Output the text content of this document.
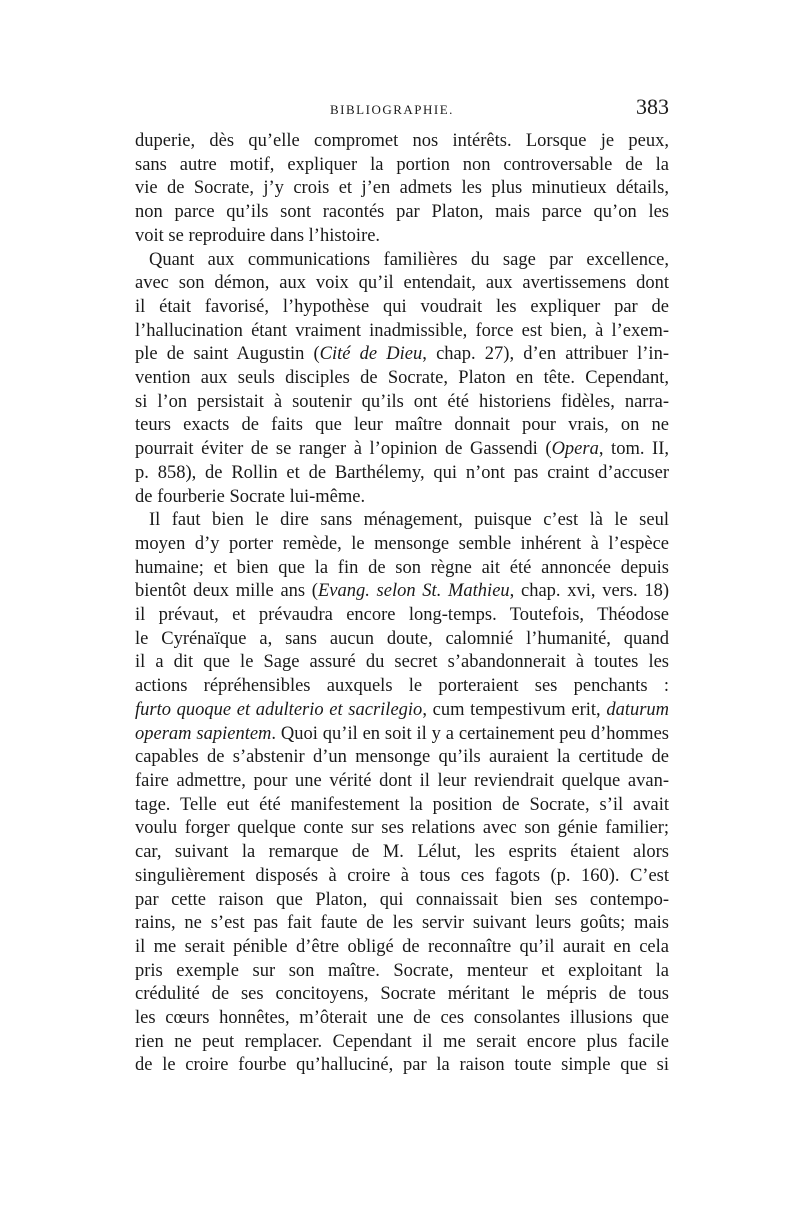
BIBLIOGRAPHIE.	383

duperie, dès qu’elle compromet nos intérêts. Lorsque je peux,
sans autre motif, expliquer la portion non controversable de la
vie de Socrate, j’y crois et j’en admets les plus minutieux détails,
non parce qu’ils sont racontés par Platon, mais parce qu’on les
voit se reproduire dans l’histoire.

Quant aux communications familières du sage par excellence,
avec son démon, aux voix qu’il entendait, aux avertissemens dont
il était favorisé, l’hypothèse qui voudrait les expliquer par de
l’hallucination étant vraiment inadmissible, force est bien, à l’exem-
ple de saint Augustin (Cité de Dieu, chap. 27), d’en attribuer l’in-
vention aux seuls disciples de Socrate, Platon en tête. Cependant,
si l’on persistait à soutenir qu’ils ont été historiens fidèles, narra-
teurs exacts de faits que leur maître donnait pour vrais, on ne
pourrait éviter de se ranger à l’opinion de Gassendi (Opera, tom. II,
p. 858), de Rollin et de Barthélemy, qui n’ont pas craint d’accuser
de fourberie Socrate lui-même.

Il faut bien le dire sans ménagement, puisque c’est là le seul
moyen d’y porter remède, le mensonge semble inhérent à l’espèce
humaine; et bien que la fin de son règne ait été annoncée depuis
bientôt deux mille ans (Evang. selon St. Mathieu, chap. xvi, vers. 18)
il prévaut, et prévaudra encore long-temps. Toutefois, Théodose
le Cyrénaïque a, sans aucun doute, calomnié l’humanité, quand
il a dit que le Sage assuré du secret s’abandonnerait à toutes les
actions répréhensibles auxquels le porteraient ses penchants :
furto quoque et adulterio et sacrilegio, cum tempestivum erit, daturum
operam sapientem. Quoi qu’il en soit il y a certainement peu d’hommes
capables de s’abstenir d’un mensonge qu’ils auraient la certitude de
faire admettre, pour une vérité dont il leur reviendrait quelque avan-
tage. Telle eut été manifestement la position de Socrate, s’il avait
voulu forger quelque conte sur ses relations avec son génie familier;
car, suivant la remarque de M. Lélut, les esprits étaient alors
singulièrement disposés à croire à tous ces fagots (p. 160). C’est
par cette raison que Platon, qui connaissait bien ses contempo-
rains, ne s’est pas fait faute de les servir suivant leurs goûts; mais
il me serait pénible d’être obligé de reconnaître qu’il aurait en cela
pris exemple sur son maître. Socrate, menteur et exploitant la
crédulité de ses concitoyens, Socrate méritant le mépris de tous
les cœurs honnêtes, m’ôterait une de ces consolantes illusions que
rien ne peut remplacer. Cependant il me serait encore plus facile
de le croire fourbe qu’halluciné, par la raison toute simple que si
